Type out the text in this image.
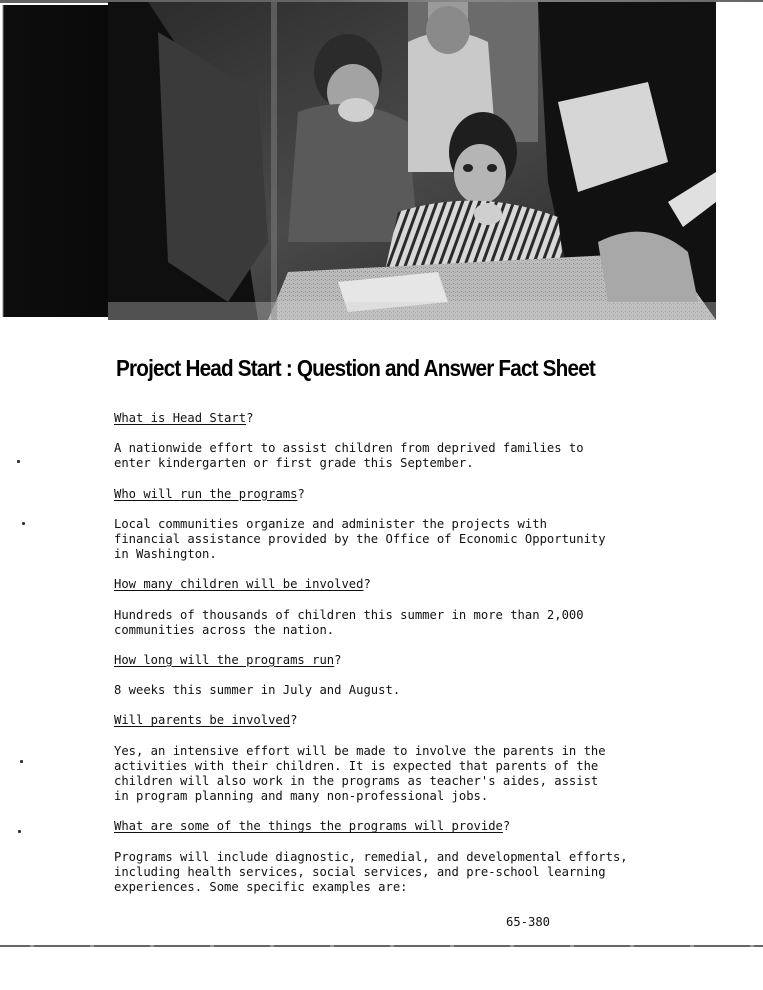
Project Head Start : Question and Answer Fact Sheet
What is Head Start?

A nationwide effort to assist children from deprived families to
enter kindergarten or first grade this September.

Who will run the programs?

Local communities organize and administer the projects with
financial assistance provided by the Office of Economic Opportunity
in Washington.

How many children will be involved?

Hundreds of thousands of children this summer in more than 2,000
communities across the nation.

How long will the programs run?

8 weeks this summer in July and August.

Will parents be involved?

Yes, an intensive effort will be made to involve the parents in the
activities with their children. It is expected that parents of the
children will also work in the programs as teacher's aides, assist
in program planning and many non-professional jobs.

What are some of the things the programs will provide?

Programs will include diagnostic, remedial, and developmental efforts,
including health services, social services, and pre-school learning
experiences. Some specific examples are:

65-380
